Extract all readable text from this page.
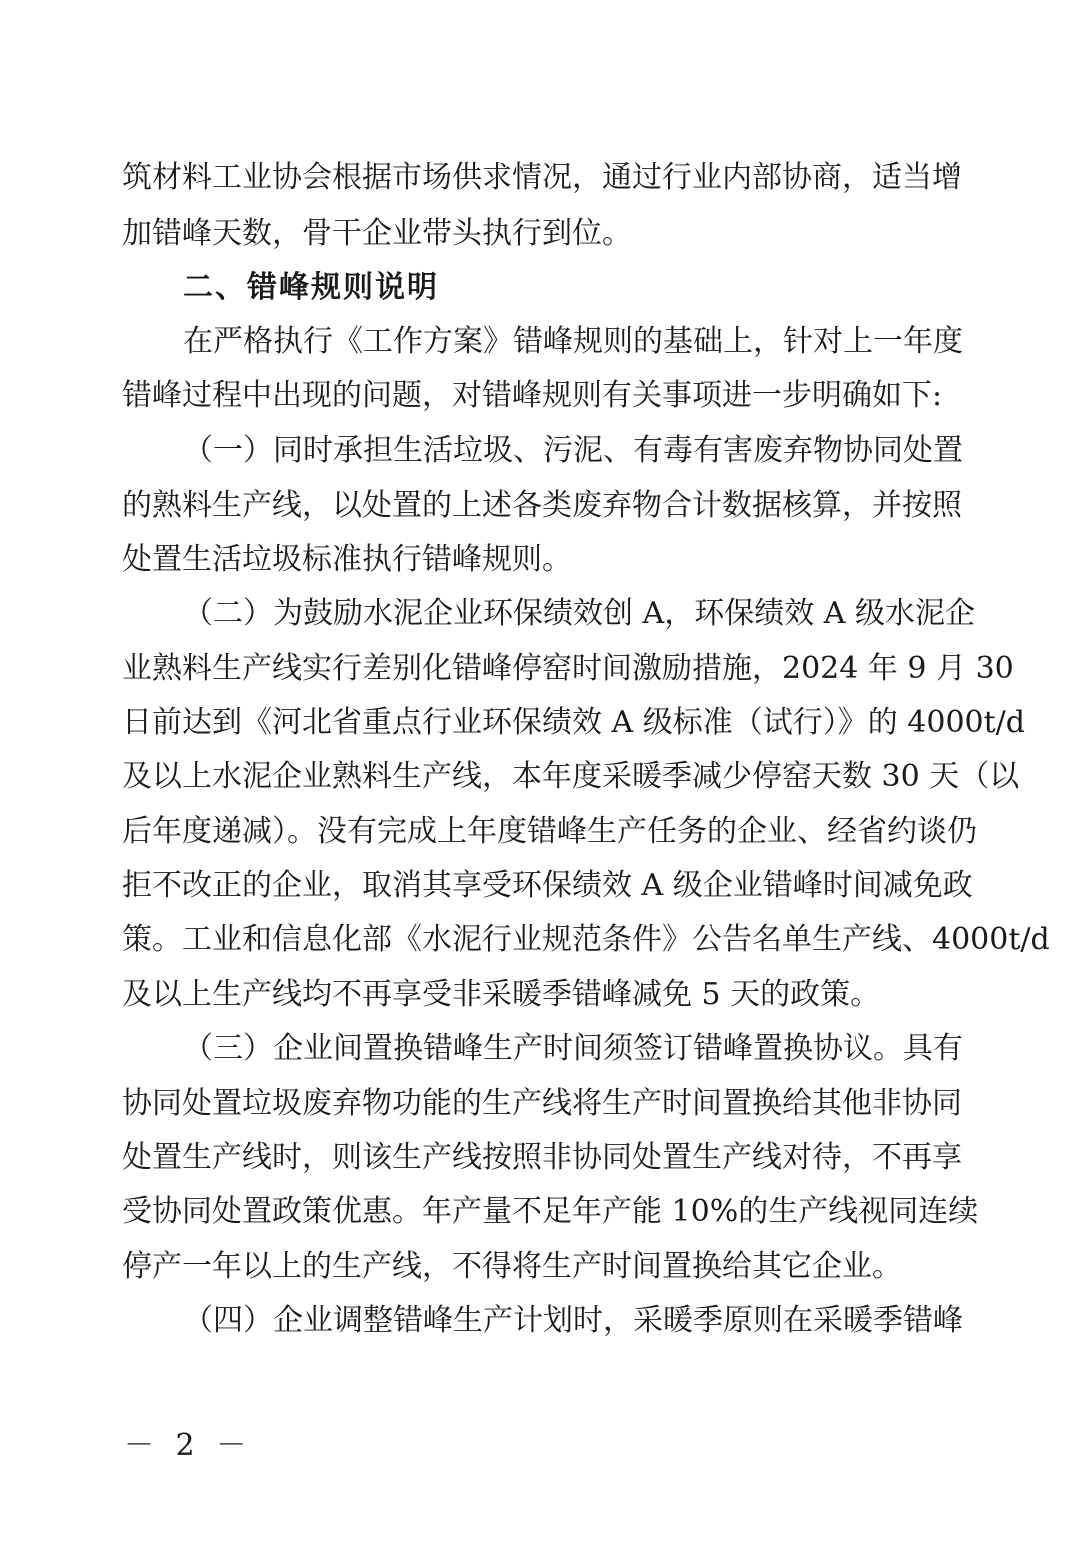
筑材料工业协会根据市场供求情况，通过行业内部协商，适当增
加错峰天数，骨干企业带头执行到位。
二、错峰规则说明
在严格执行《工作方案》错峰规则的基础上，针对上一年度
错峰过程中出现的问题，对错峰规则有关事项进一步明确如下:
（一）同时承担生活垃圾、污泥、有毒有害废弃物协同处置
的熟料生产线，以处置的上述各类废弃物合计数据核算，并按照
处置生活垃圾标准执行错峰规则。
（二）为鼓励水泥企业环保绩效创 A，环保绩效 A 级水泥企
业熟料生产线实行差别化错峰停窑时间激励措施，2024 年 9 月 30
日前达到《河北省重点行业环保绩效 A 级标准（试行）》的 4000t/d
及以上水泥企业熟料生产线，本年度采暖季减少停窑天数 30 天（以
后年度递减）。没有完成上年度错峰生产任务的企业、经省约谈仍
拒不改正的企业，取消其享受环保绩效 A 级企业错峰时间减免政
策。工业和信息化部《水泥行业规范条件》公告名单生产线、4000t/d
及以上生产线均不再享受非采暖季错峰减免 5 天的政策。
（三）企业间置换错峰生产时间须签订错峰置换协议。具有
协同处置垃圾废弃物功能的生产线将生产时间置换给其他非协同
处置生产线时，则该生产线按照非协同处置生产线对待，不再享
受协同处置政策优惠。年产量不足年产能 10%的生产线视同连续
停产一年以上的生产线，不得将生产时间置换给其它企业。
（四）企业调整错峰生产计划时，采暖季原则在采暖季错峰
－ 2 －
